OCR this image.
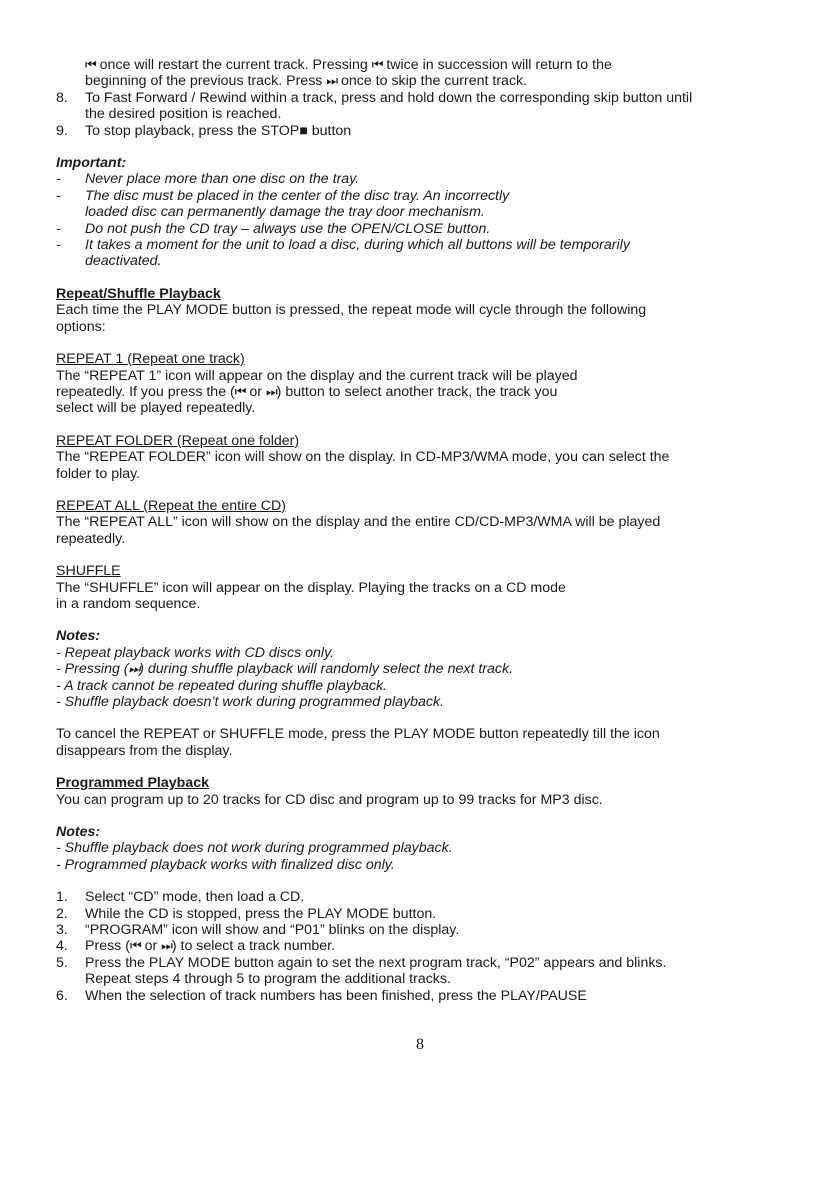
⏮ once will restart the current track. Pressing ⏮ twice in succession will return to the

beginning of the previous track. Press ⏭ once to skip the current track.

8.	To Fast Forward / Rewind within a track, press and hold down the corresponding skip button until

the desired position is reached.

9.	To stop playback, press the STOP■ button

Important:

-	Never place more than one disc on the tray.

-	The disc must be placed in the center of the disc tray. An incorrectly

loaded disc can permanently damage the tray door mechanism.

-	Do not push the CD tray – always use the OPEN/CLOSE button.

-	It takes a moment for the unit to load a disc, during which all buttons will be temporarily

deactivated.

Repeat/Shuffle Playback

Each time the PLAY MODE button is pressed, the repeat mode will cycle through the following

options:

REPEAT 1 (Repeat one track)

The “REPEAT 1” icon will appear on the display and the current track will be played

repeatedly. If you press the (⏮ or ⏭) button to select another track, the track you

select will be played repeatedly.

REPEAT FOLDER (Repeat one folder)

The “REPEAT FOLDER” icon will show on the display. In CD-MP3/WMA mode, you can select the

folder to play.

REPEAT ALL (Repeat the entire CD)

The “REPEAT ALL” icon will show on the display and the entire CD/CD-MP3/WMA will be played

repeatedly.

SHUFFLE

The “SHUFFLE” icon will appear on the display. Playing the tracks on a CD mode

in a random sequence.

Notes:

- Repeat playback works with CD discs only.

- Pressing (⏭) during shuffle playback will randomly select the next track.

- A track cannot be repeated during shuffle playback.

- Shuffle playback doesn’t work during programmed playback.

To cancel the REPEAT or SHUFFLE mode, press the PLAY MODE button repeatedly till the icon

disappears from the display.

Programmed Playback

You can program up to 20 tracks for CD disc and program up to 99 tracks for MP3 disc.

Notes:

- Shuffle playback does not work during programmed playback.

- Programmed playback works with finalized disc only.

1.	Select “CD” mode, then load a CD.

2.	While the CD is stopped, press the PLAY MODE button.

3.	“PROGRAM” icon will show and “P01” blinks on the display.

4.	Press (⏮ or ⏭) to select a track number.

5.	Press the PLAY MODE button again to set the next program track, “P02” appears and blinks.

Repeat steps 4 through 5 to program the additional tracks.

6.	When the selection of track numbers has been finished, press the PLAY/PAUSE

8
